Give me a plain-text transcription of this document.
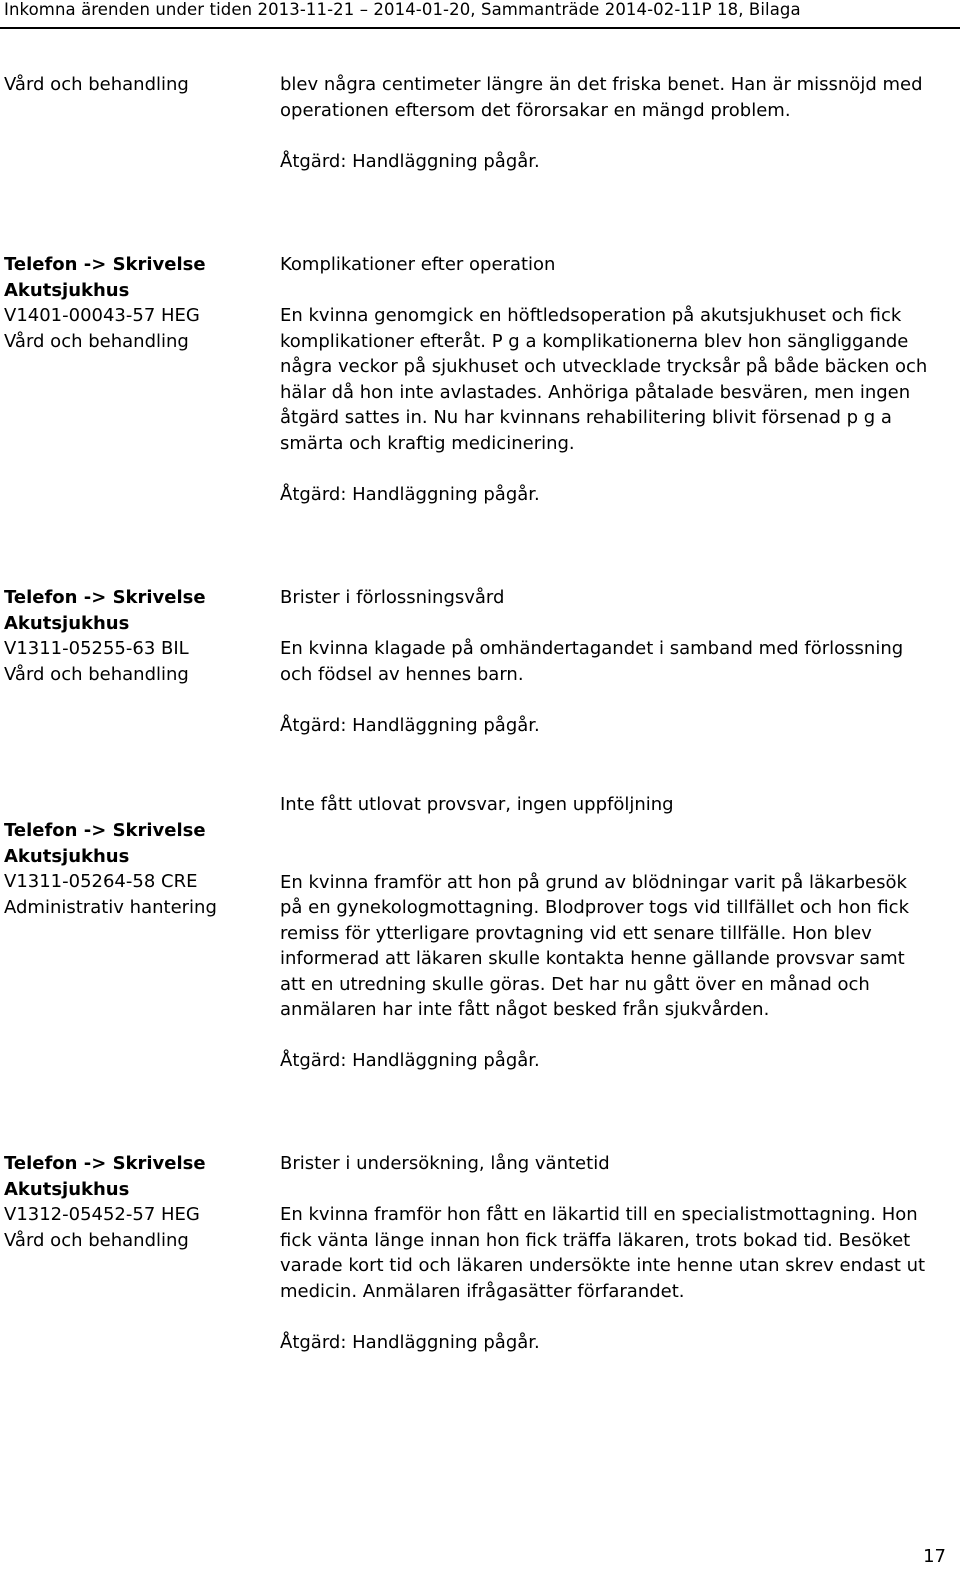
Inkomna ärenden under tiden 2013-11-21 – 2014-01-20, Sammanträde 2014-02-11P 18, Bilaga
Vård och behandling	blev några centimeter längre än det friska benet. Han är missnöjd med operationen eftersom det förorsakar en mängd problem.

Åtgärd: Handläggning pågår.

Telefon -> Skrivelse
Akutsjukhus
V1401-00043-57 HEG
Vård och behandling

Komplikationer efter operation

En kvinna genomgick en höftledsoperation på akutsjukhuset och fick komplikationer efteråt. P g a komplikationerna blev hon sängliggande några veckor på sjukhuset och utvecklade trycksår på både bäcken och hälar då hon inte avlastades. Anhöriga påtalade besvären, men ingen åtgärd sattes in. Nu har kvinnans rehabilitering blivit försenad p g a smärta och kraftig medicinering.

Åtgärd: Handläggning pågår.

Telefon -> Skrivelse
Akutsjukhus
V1311-05255-63 BIL
Vård och behandling

Brister i förlossningsvård

En kvinna klagade på omhändertagandet i samband med förlossning och födsel av hennes barn.

Åtgärd: Handläggning pågår.

Telefon -> Skrivelse
Akutsjukhus
V1311-05264-58 CRE
Administrativ hantering

Inte fått utlovat provsvar, ingen uppföljning

En kvinna framför att hon på grund av blödningar varit på läkarbesök på en gynekologmottagning. Blodprover togs vid tillfället och hon fick remiss för ytterligare provtagning vid ett senare tillfälle. Hon blev informerad att läkaren skulle kontakta henne gällande provsvar samt att en utredning skulle göras. Det har nu gått över en månad och anmälaren har inte fått något besked från sjukvården.

Åtgärd: Handläggning pågår.

Telefon -> Skrivelse
Akutsjukhus
V1312-05452-57 HEG
Vård och behandling

Brister i undersökning, lång väntetid

En kvinna framför hon fått en läkartid till en specialistmottagning. Hon fick vänta länge innan hon fick träffa läkaren, trots bokad tid. Besöket varade kort tid och läkaren undersökte inte henne utan skrev endast ut medicin. Anmälaren ifrågasätter förfarandet.

Åtgärd: Handläggning pågår.

17
